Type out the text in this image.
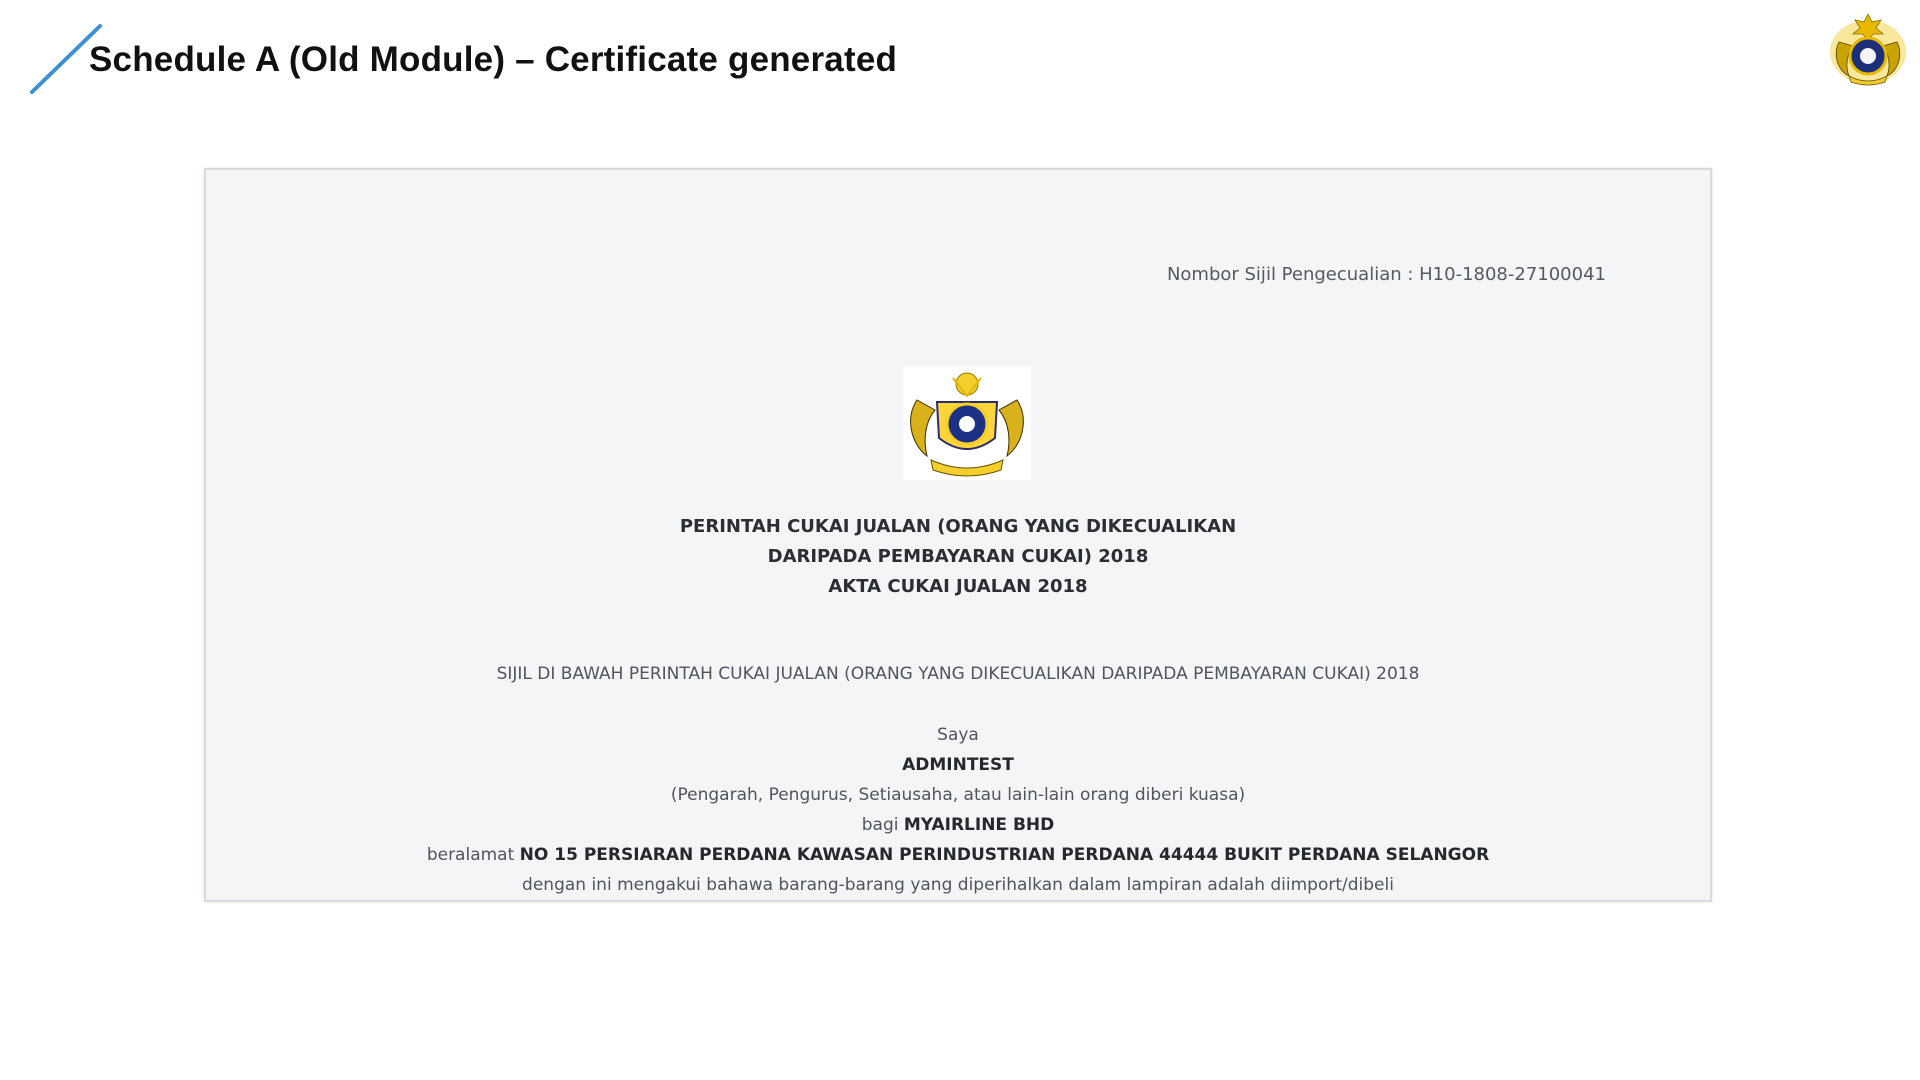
Schedule A (Old Module) – Certificate generated
Nombor Sijil Pengecualian : H10-1808-27100041
PERINTAH CUKAI JUALAN (ORANG YANG DIKECUALIKAN
DARIPADA PEMBAYARAN CUKAI) 2018
AKTA CUKAI JUALAN 2018
SIJIL DI BAWAH PERINTAH CUKAI JUALAN (ORANG YANG DIKECUALIKAN DARIPADA PEMBAYARAN CUKAI) 2018
Saya
ADMINTEST
(Pengarah, Pengurus, Setiausaha, atau lain-lain orang diberi kuasa)
bagi MYAIRLINE BHD
beralamat NO 15 PERSIARAN PERDANA KAWASAN PERINDUSTRIAN PERDANA 44444 BUKIT PERDANA SELANGOR
dengan ini mengakui bahawa barang-barang yang diperihalkan dalam lampiran adalah diimport/dibeli
